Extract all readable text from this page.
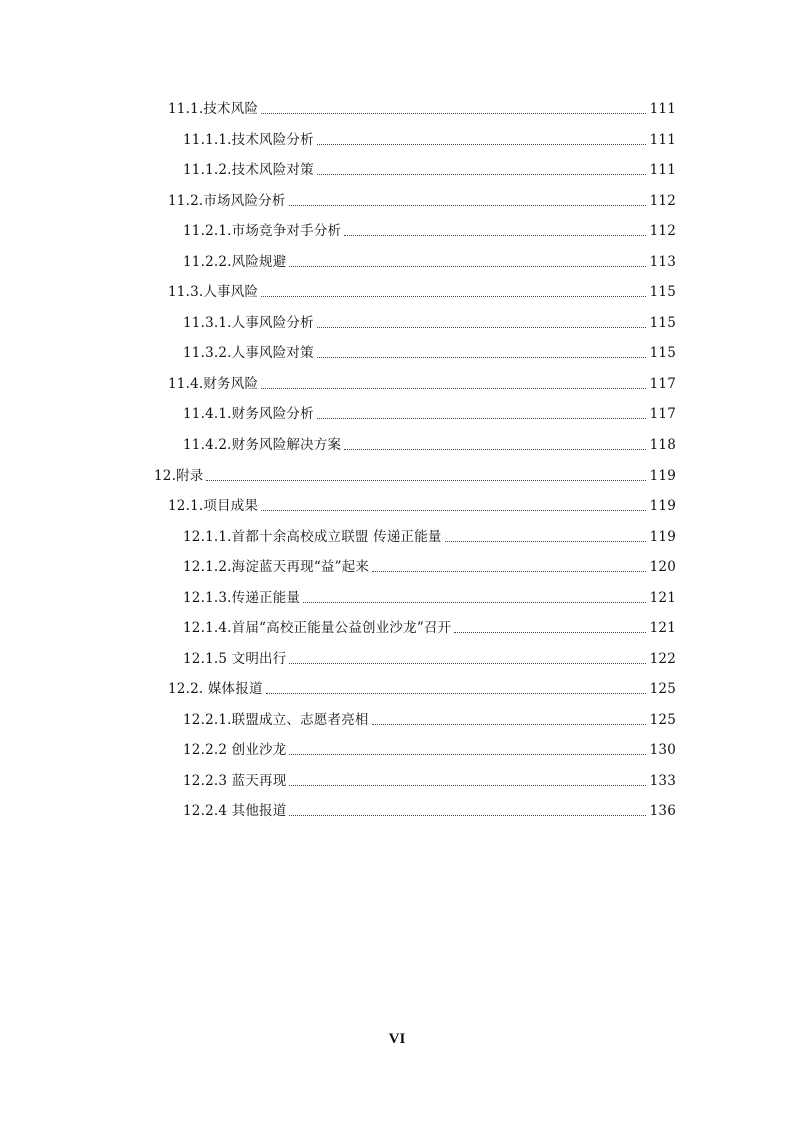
11.1.技术风险	111
11.1.1.技术风险分析	111
11.1.2.技术风险对策	111
11.2.市场风险分析	112
11.2.1.市场竞争对手分析	112
11.2.2.风险规避	113
11.3.人事风险	115
11.3.1.人事风险分析	115
11.3.2.人事风险对策	115
11.4.财务风险	117
11.4.1.财务风险分析	117
11.4.2.财务风险解决方案	118
12.附录	119
12.1.项目成果	119
12.1.1.首都十余高校成立联盟 传递正能量	119
12.1.2.海淀蓝天再现“益”起来	120
12.1.3.传递正能量	121
12.1.4.首届“高校正能量公益创业沙龙”召开	121
12.1.5 文明出行	122
12.2. 媒体报道	125
12.2.1.联盟成立、志愿者亮相	125
12.2.2 创业沙龙	130
12.2.3 蓝天再现	133
12.2.4 其他报道	136
VI
